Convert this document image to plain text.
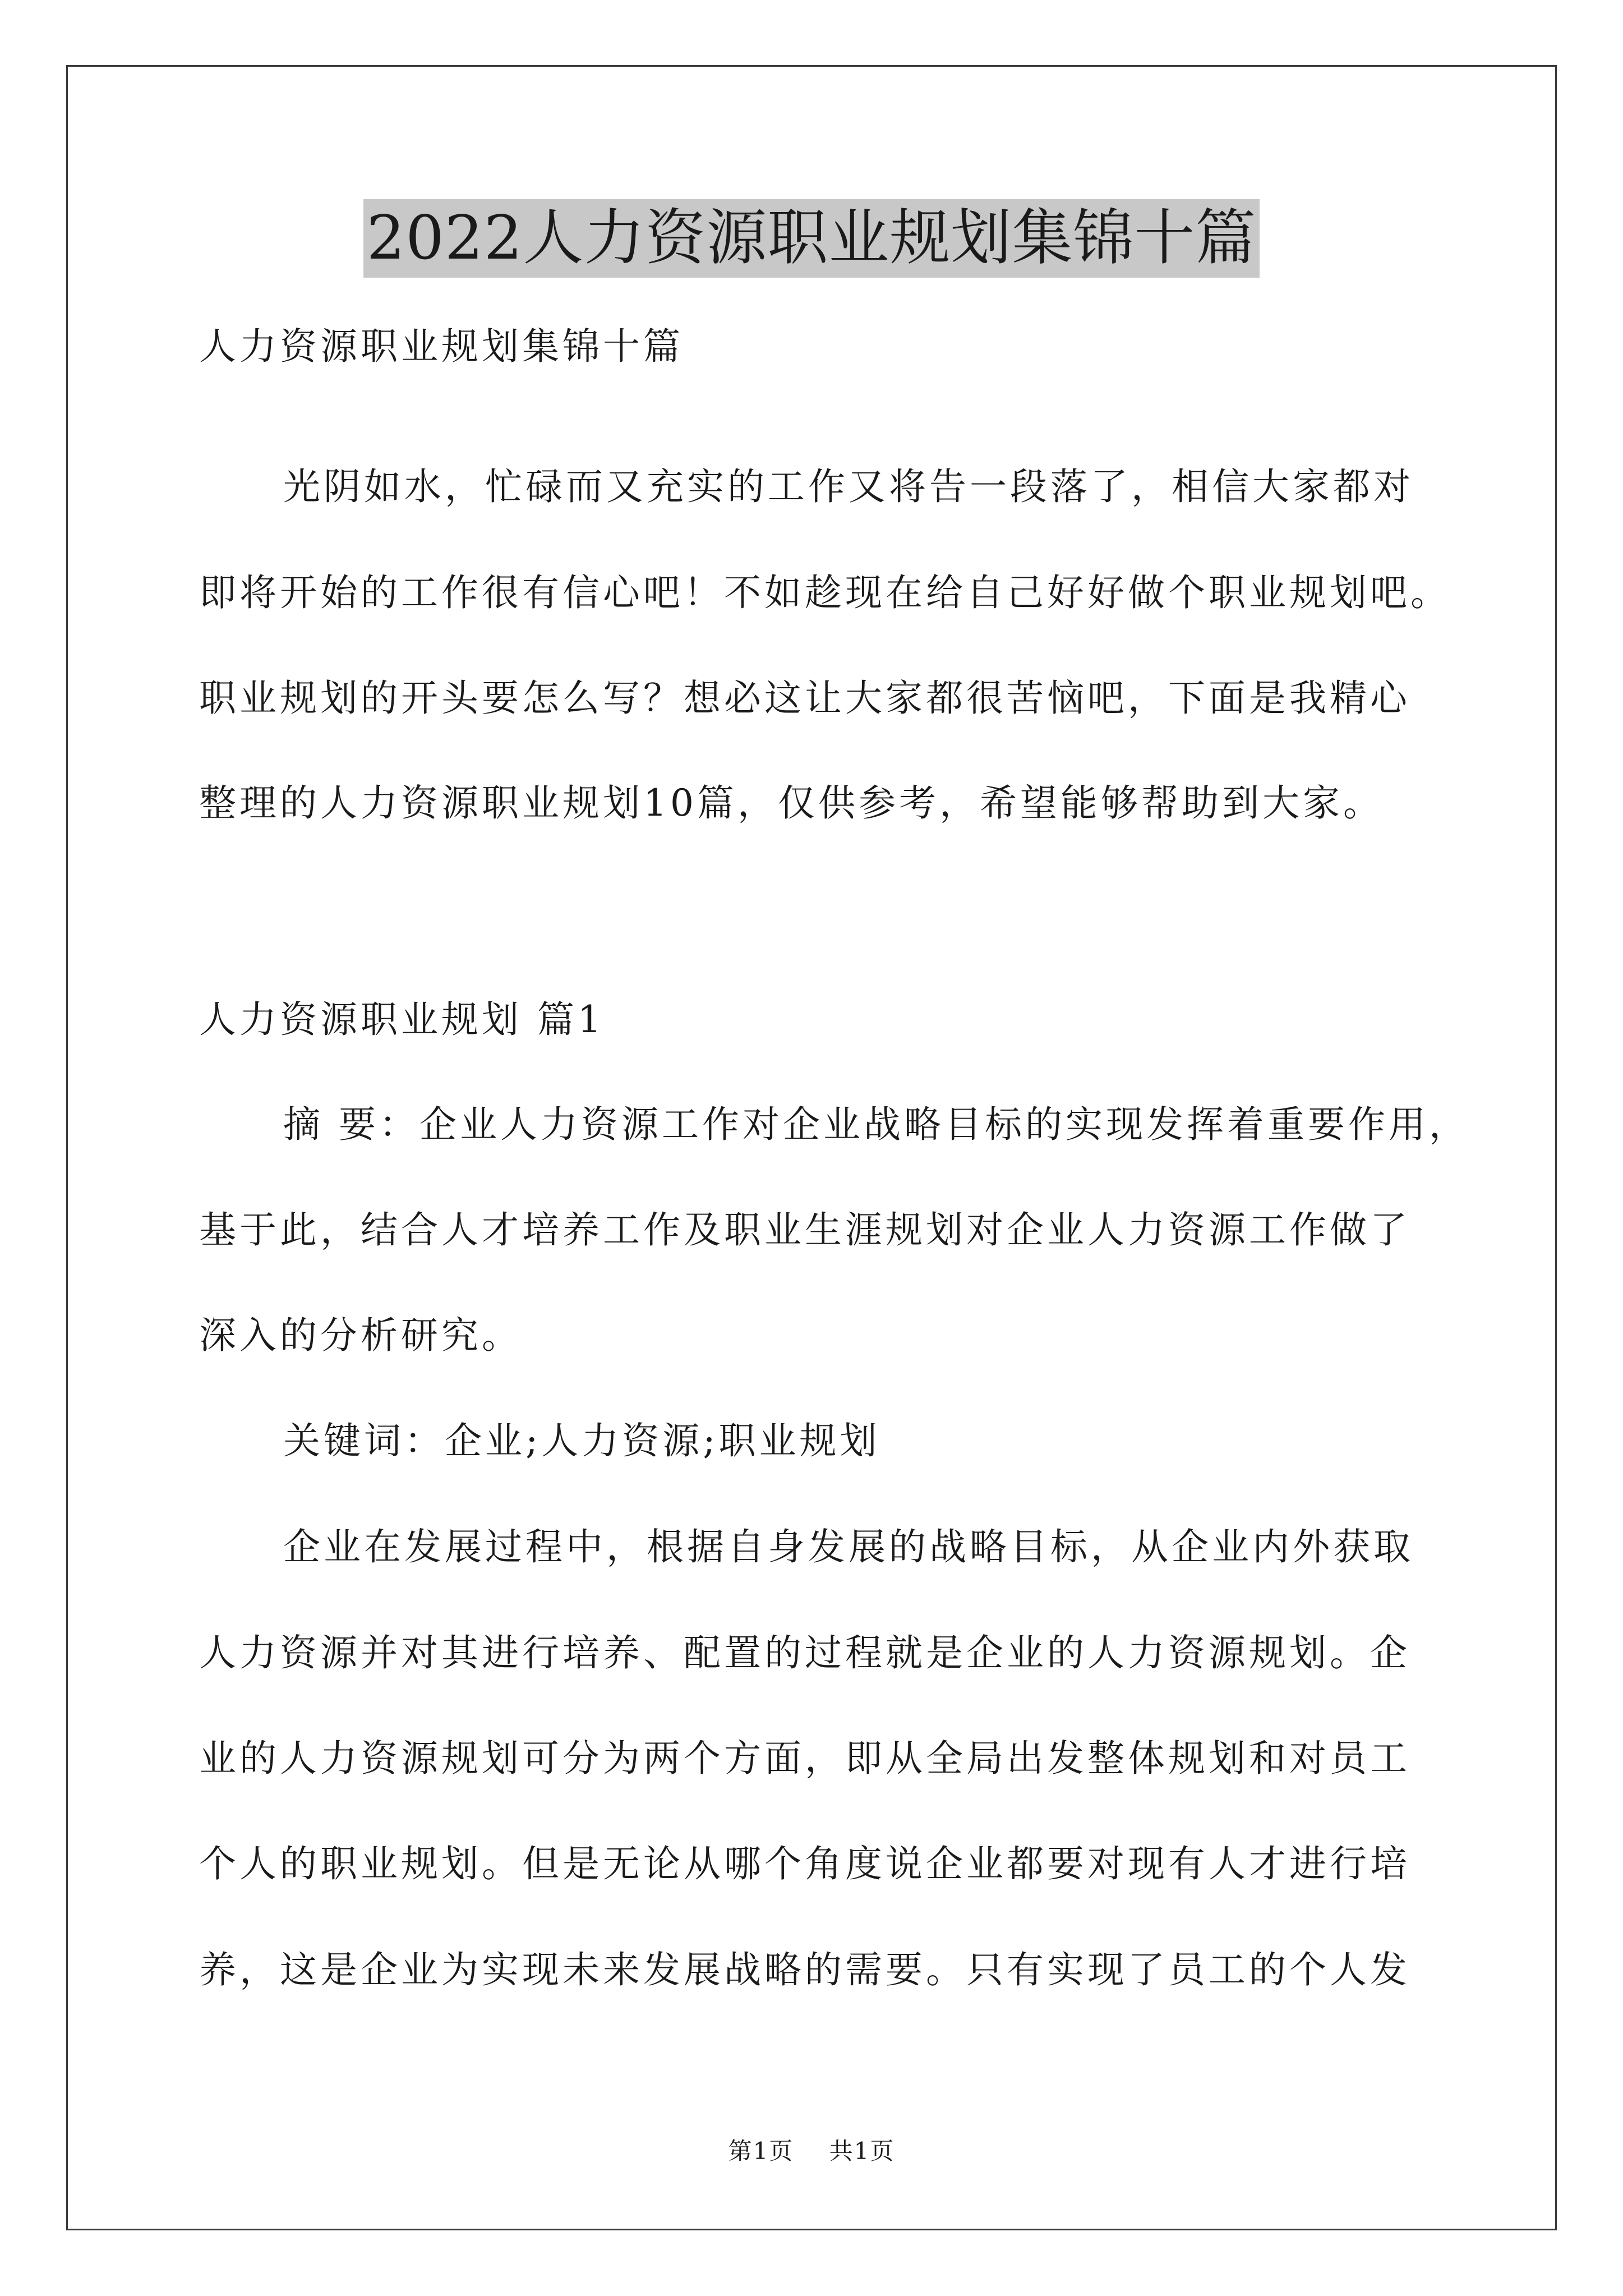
2022人力资源职业规划集锦十篇
人力资源职业规划集锦十篇
光阴如水，忙碌而又充实的工作又将告一段落了，相信大家都对
即将开始的工作很有信心吧！不如趁现在给自己好好做个职业规划吧。
职业规划的开头要怎么写？想必这让大家都很苦恼吧，下面是我精心
整理的人力资源职业规划10篇，仅供参考，希望能够帮助到大家。
人力资源职业规划 篇1
摘 要：企业人力资源工作对企业战略目标的实现发挥着重要作用，
基于此，结合人才培养工作及职业生涯规划对企业人力资源工作做了
深入的分析研究。
关键词：企业;人力资源;职业规划
企业在发展过程中，根据自身发展的战略目标，从企业内外获取
人力资源并对其进行培养、配置的过程就是企业的人力资源规划。企
业的人力资源规划可分为两个方面，即从全局出发整体规划和对员工
个人的职业规划。但是无论从哪个角度说企业都要对现有人才进行培
养，这是企业为实现未来发展战略的需要。只有实现了员工的个人发
第1页 共1页
